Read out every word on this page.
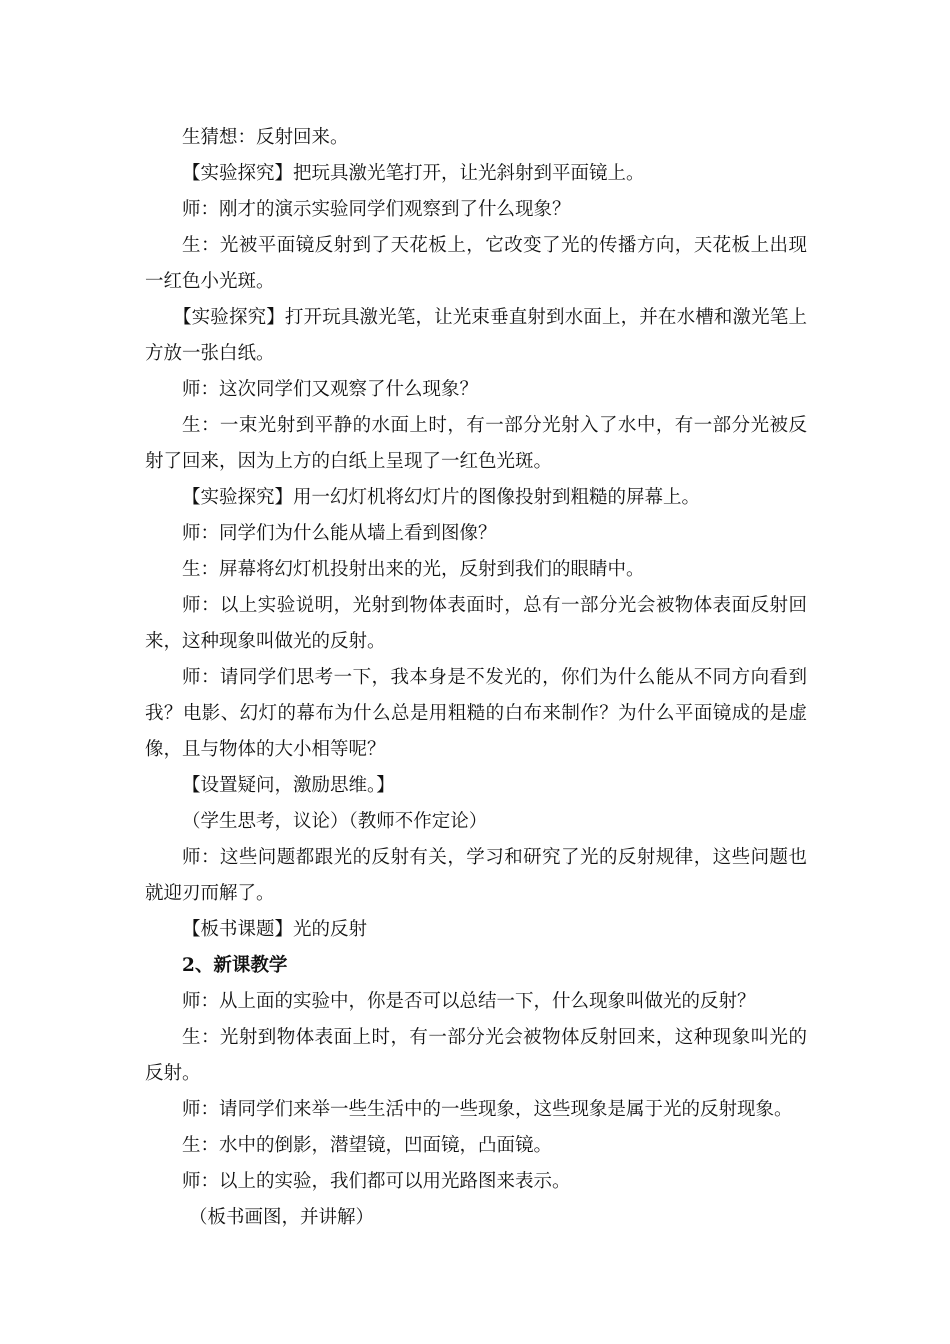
生猜想：反射回来。

【实验探究】把玩具激光笔打开，让光斜射到平面镜上。

师：刚才的演示实验同学们观察到了什么现象？

生：光被平面镜反射到了天花板上，它改变了光的传播方向，天花板上出现一红色小光斑。

【实验探究】打开玩具激光笔，让光束垂直射到水面上，并在水槽和激光笔上方放一张白纸。

师：这次同学们又观察了什么现象？

生：一束光射到平静的水面上时，有一部分光射入了水中，有一部分光被反射了回来，因为上方的白纸上呈现了一红色光斑。

【实验探究】用一幻灯机将幻灯片的图像投射到粗糙的屏幕上。

师：同学们为什么能从墙上看到图像？

生：屏幕将幻灯机投射出来的光，反射到我们的眼睛中。

师：以上实验说明，光射到物体表面时，总有一部分光会被物体表面反射回来，这种现象叫做光的反射。

师：请同学们思考一下，我本身是不发光的，你们为什么能从不同方向看到我？电影、幻灯的幕布为什么总是用粗糙的白布来制作？为什么平面镜成的是虚像，且与物体的大小相等呢？

【设置疑问，激励思维。】

（学生思考，议论）（教师不作定论）

师：这些问题都跟光的反射有关，学习和研究了光的反射规律，这些问题也就迎刃而解了。

【板书课题】光的反射

2、新课教学

师：从上面的实验中，你是否可以总结一下，什么现象叫做光的反射？

生：光射到物体表面上时，有一部分光会被物体反射回来，这种现象叫光的反射。

师：请同学们来举一些生活中的一些现象，这些现象是属于光的反射现象。

生：水中的倒影，潜望镜，凹面镜，凸面镜。

师：以上的实验，我们都可以用光路图来表示。

（板书画图，并讲解）
